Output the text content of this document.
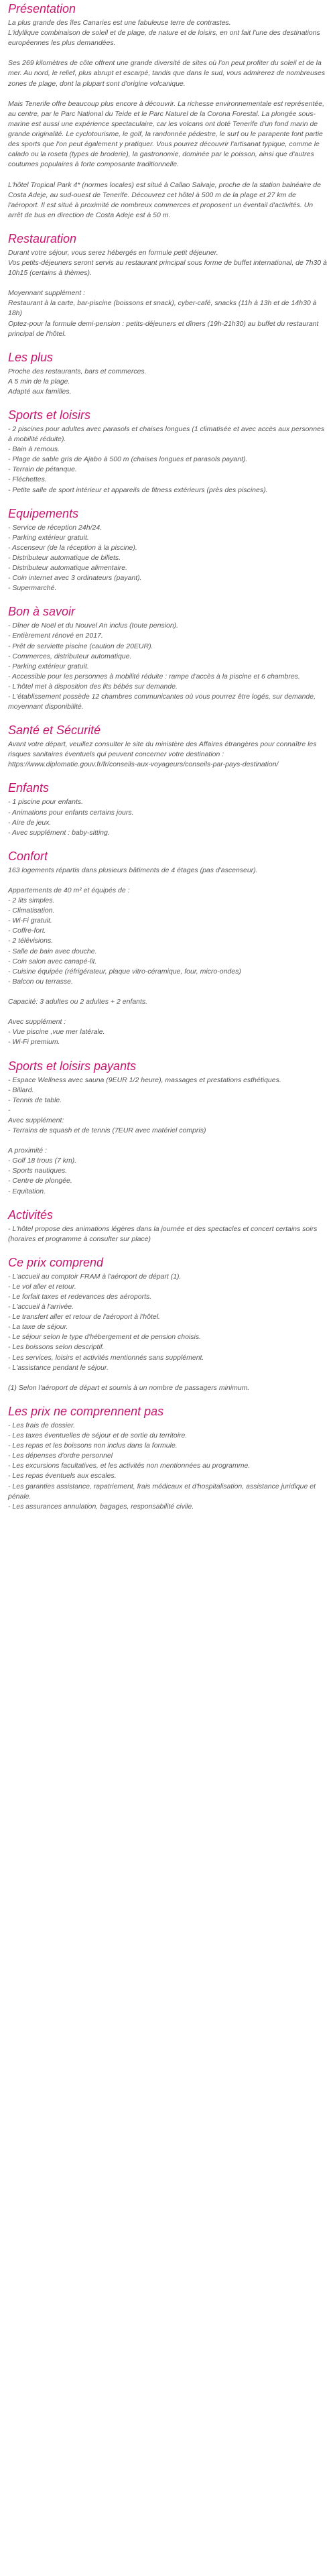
Présentation

La plus grande des îles Canaries est une fabuleuse terre de contrastes.
L'idyllique combinaison de soleil et de plage, de nature et de loisirs, en ont fait l'une des destinations européennes les plus demandées.

Ses 269 kilomètres de côte offrent une grande diversité de sites où l'on peut profiter du soleil et de la mer. Au nord, le relief, plus abrupt et escarpé, tandis que dans le sud, vous admirerez de nombreuses zones de plage, dont la plupart sont d'origine volcanique.

Mais Tenerife offre beaucoup plus encore à découvrir. La richesse environnementale est représentée, au centre, par le Parc National du Teide et le Parc Naturel de la Corona Forestal. La plongée sous-marine est aussi une expérience spectaculaire, car les volcans ont doté Tenerife d'un fond marin de grande originalité. Le cyclotourisme, le golf, la randonnée pédestre, le surf ou le parapente font partie des sports que l'on peut également y pratiquer. Vous pourrez découvrir l'artisanat typique, comme le calado ou la roseta (types de broderie), la gastronomie, dominée par le poisson, ainsi que d'autres coutumes populaires à forte composante traditionnelle.

L'hôtel Tropical Park 4* (normes locales) est situé à Callao Salvaje, proche de la station balnéaire de Costa Adeje, au sud-ouest de Tenerife. Découvrez cet hôtel à 500 m de la plage et 27 km de l'aéroport. Il est situé à proximité de nombreux commerces et proposent un éventail d'activités. Un arrêt de bus en direction de Costa Adeje est à 50 m.

Restauration

Durant votre séjour, vous serez hébergés en formule petit déjeuner.
Vos petits-déjeuners seront servis au restaurant principal sous forme de buffet international, de 7h30 à 10h15 (certains à thèmes).

Moyennant supplément :
Restaurant à la carte, bar-piscine (boissons et snack), cyber-café, snacks (11h à 13h et de 14h30 à 18h)
Optez-pour la formule demi-pension : petits-déjeuners et dîners (19h-21h30) au buffet du restaurant principal de l'hôtel.

Les plus

Proche des restaurants, bars et commerces.
A 5 min de la plage.
Adapté aux familles.

Sports et loisirs

- 2 piscines pour adultes avec parasols et chaises longues (1 climatisée et avec accès aux personnes à mobilité réduite).
- Bain à remous.
- Plage de sable gris de Ajabo à 500 m (chaises longues et parasols payant).
- Terrain de pétanque.
- Fléchettes.
- Petite salle de sport intérieur et appareils de fitness extérieurs (près des piscines).

Equipements

- Service de réception 24h/24.
- Parking extérieur gratuit.
- Ascenseur (de la réception à la piscine).
- Distributeur automatique de billets.
- Distributeur automatique alimentaire.
- Coin internet avec 3 ordinateurs (payant).
- Supermarché.

Bon à savoir

- Dîner de Noël et du Nouvel An inclus (toute pension).
- Entièrement rénové en 2017.
- Prêt de serviette piscine (caution de 20EUR).
- Commerces, distributeur automatique.
- Parking extérieur gratuit.
- Accessible pour les personnes à mobilité réduite : rampe d'accès à la piscine et 6 chambres.
- L'hôtel met à disposition des lits bébés sur demande.
- L'établissement possède 12 chambres communicantes où vous pourrez être logés, sur demande, moyennant disponibilité.

Santé et Sécurité

Avant votre départ, veuillez consulter le site du ministère des Affaires étrangères pour connaître les risques sanitaires éventuels qui peuvent concerner votre destination : https://www.diplomatie.gouv.fr/fr/conseils-aux-voyageurs/conseils-par-pays-destination/

Enfants

- 1 piscine pour enfants.
- Animations pour enfants certains jours.
- Aire de jeux.
- Avec supplément : baby-sitting.

Confort

163 logements répartis dans plusieurs bâtiments de 4 étages (pas d'ascenseur).

Appartements de 40 m² et équipés de :
- 2 lits simples.
- Climatisation.
- Wi-Fi gratuit.
- Coffre-fort.
- 2 télévisions.
- Salle de bain avec douche.
- Coin salon avec canapé-lit.
- Cuisine équipée (réfrigérateur, plaque vitro-céramique, four, micro-ondes)
- Balcon ou terrasse.

Capacité: 3 adultes ou 2 adultes + 2 enfants.

Avec supplément :
- Vue piscine ,vue mer latérale.
- Wi-Fi premium.

Sports et loisirs payants

- Espace Wellness avec sauna (9EUR 1/2 heure), massages et prestations esthétiques.
- Billard.
- Tennis de table.
-
Avec supplément:
- Terrains de squash et de tennis (7EUR avec matériel compris)

A proximité :
- Golf 18 trous (7 km).
- Sports nautiques.
- Centre de plongée.
- Equitation.

Activités

- L'hôtel propose des animations légères dans la journée et des spectacles et concert certains soirs (horaires et programme à consulter sur place)

Ce prix comprend

- L'accueil au comptoir FRAM à l'aéroport de départ (1).
- Le vol aller et retour.
- Le forfait taxes et redevances des aéroports.
- L'accueil à l'arrivée.
- Le transfert aller et retour de l'aéroport à l'hôtel.
- La taxe de séjour.
- Le séjour selon le type d'hébergement et de pension choisis.
- Les boissons selon descriptif.
- Les services, loisirs et activités mentionnés sans supplément.
- L'assistance pendant le séjour.

(1) Selon l'aéroport de départ et soumis à un nombre de passagers minimum.

Les prix ne comprennent pas

- Les frais de dossier.
- Les taxes éventuelles de séjour et de sortie du territoire.
- Les repas et les boissons non inclus dans la formule.
- Les dépenses d'ordre personnel
- Les excursions facultatives, et les activités non mentionnées au programme.
- Les repas éventuels aux escales.
- Les garanties assistance, rapatriement, frais médicaux et d'hospitalisation, assistance juridique et pénale.
- Les assurances annulation, bagages, responsabilité civile.
